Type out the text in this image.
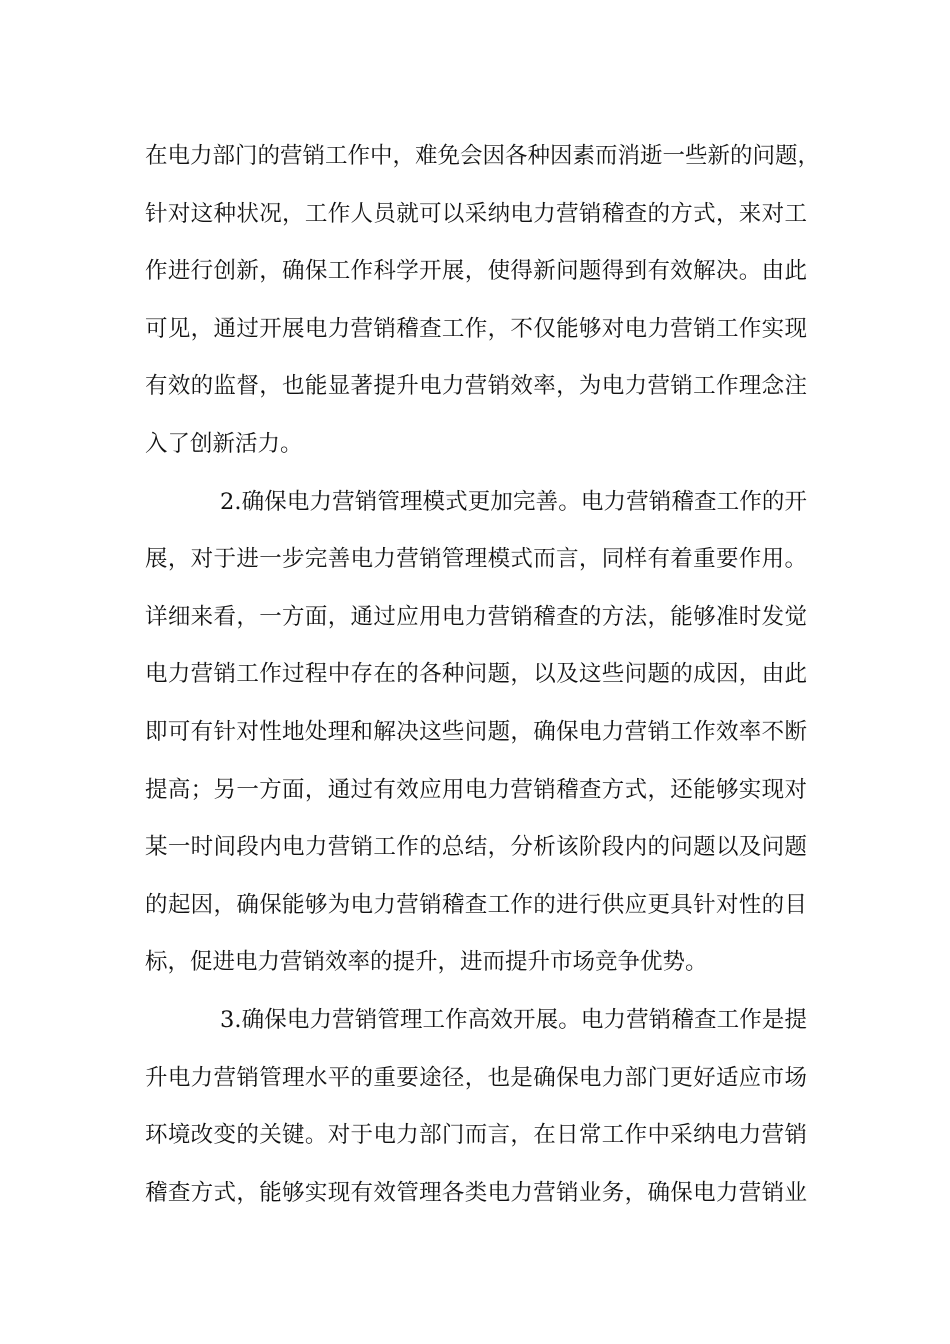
在电力部门的营销工作中，难免会因各种因素而消逝一些新的问题，
针对这种状况，工作人员就可以采纳电力营销稽查的方式，来对工
作进行创新，确保工作科学开展，使得新问题得到有效解决。由此
可见，通过开展电力营销稽查工作，不仅能够对电力营销工作实现
有效的监督，也能显著提升电力营销效率，为电力营销工作理念注
入了创新活力。
2.确保电力营销管理模式更加完善。电力营销稽查工作的开
展，对于进一步完善电力营销管理模式而言，同样有着重要作用。
详细来看，一方面，通过应用电力营销稽查的方法，能够准时发觉
电力营销工作过程中存在的各种问题，以及这些问题的成因，由此
即可有针对性地处理和解决这些问题，确保电力营销工作效率不断
提高；另一方面，通过有效应用电力营销稽查方式，还能够实现对
某一时间段内电力营销工作的总结，分析该阶段内的问题以及问题
的起因，确保能够为电力营销稽查工作的进行供应更具针对性的目
标，促进电力营销效率的提升，进而提升市场竞争优势。
3.确保电力营销管理工作高效开展。电力营销稽查工作是提
升电力营销管理水平的重要途径，也是确保电力部门更好适应市场
环境改变的关键。对于电力部门而言，在日常工作中采纳电力营销
稽查方式，能够实现有效管理各类电力营销业务，确保电力营销业
